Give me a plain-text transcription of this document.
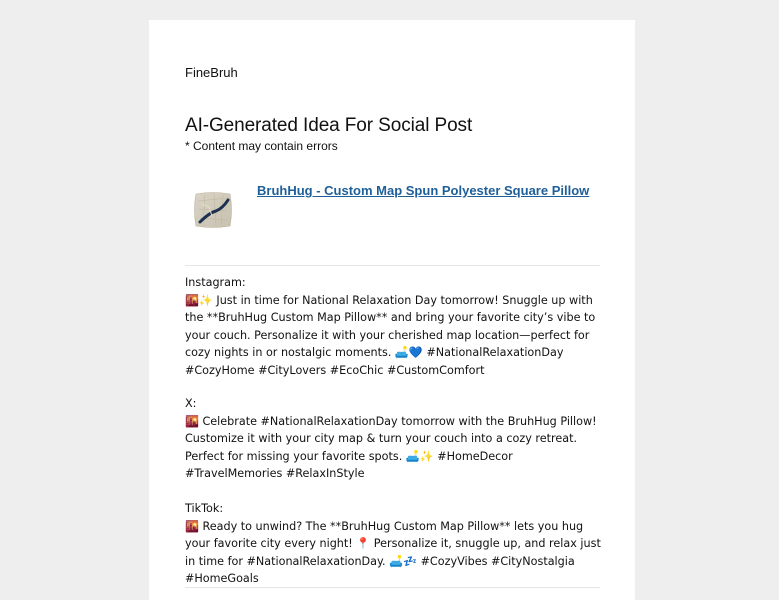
FineBruh
AI-Generated Idea For Social Post
* Content may contain errors
BruhHug - Custom Map Spun Polyester Square Pillow
Instagram:
🌇✨ Just in time for National Relaxation Day tomorrow! Snuggle up with the **BruhHug Custom Map Pillow** and bring your favorite city’s vibe to your couch. Personalize it with your cherished map location—perfect for cozy nights in or nostalgic moments. 🛋️💙 #NationalRelaxationDay #CozyHome #CityLovers #EcoChic #CustomComfort
X:
🌇 Celebrate #NationalRelaxationDay tomorrow with the BruhHug Pillow! Customize it with your city map & turn your couch into a cozy retreat. Perfect for missing your favorite spots. 🛋️✨ #HomeDecor #TravelMemories #RelaxInStyle
TikTok:
🌇 Ready to unwind? The **BruhHug Custom Map Pillow** lets you hug your favorite city every night! 📍 Personalize it, snuggle up, and relax just in time for #NationalRelaxationDay. 🛋️💤 #CozyVibes #CityNostalgia #HomeGoals
